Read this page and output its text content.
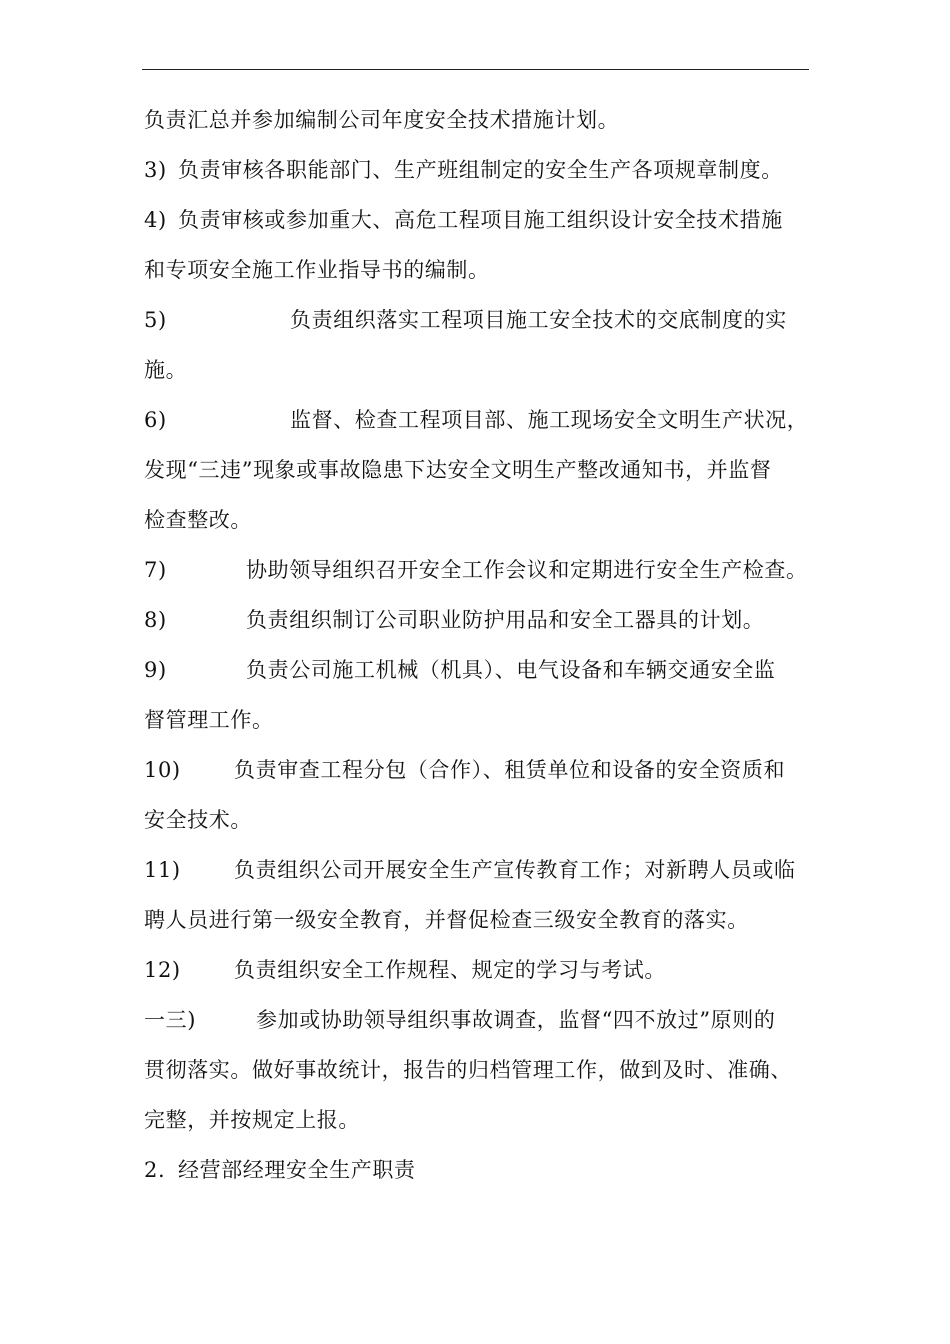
负责汇总并参加编制公司年度安全技术措施计划。
3) 负责审核各职能部门、生产班组制定的安全生产各项规章制度。
4) 负责审核或参加重大、高危工程项目施工组织设计安全技术措施
和专项安全施工作业指导书的编制。
5)	负责组织落实工程项目施工安全技术的交底制度的实
施。
6)	监督、检查工程项目部、施工现场安全文明生产状况，
发现“三违”现象或事故隐患下达安全文明生产整改通知书，并监督
检查整改。
7)	协助领导组织召开安全工作会议和定期进行安全生产检查。
8)	负责组织制订公司职业防护用品和安全工器具的计划。
9)	负责公司施工机械（机具）、电气设备和车辆交通安全监
督管理工作。
10)	负责审查工程分包（合作）、租赁单位和设备的安全资质和
安全技术。
11)	负责组织公司开展安全生产宣传教育工作；对新聘人员或临
聘人员进行第一级安全教育，并督促检查三级安全教育的落实。
12)	负责组织安全工作规程、规定的学习与考试。
一三)	参加或协助领导组织事故调查，监督“四不放过”原则的
贯彻落实。做好事故统计，报告的归档管理工作，做到及时、准确、
完整，并按规定上报。
2. 经营部经理安全生产职责
